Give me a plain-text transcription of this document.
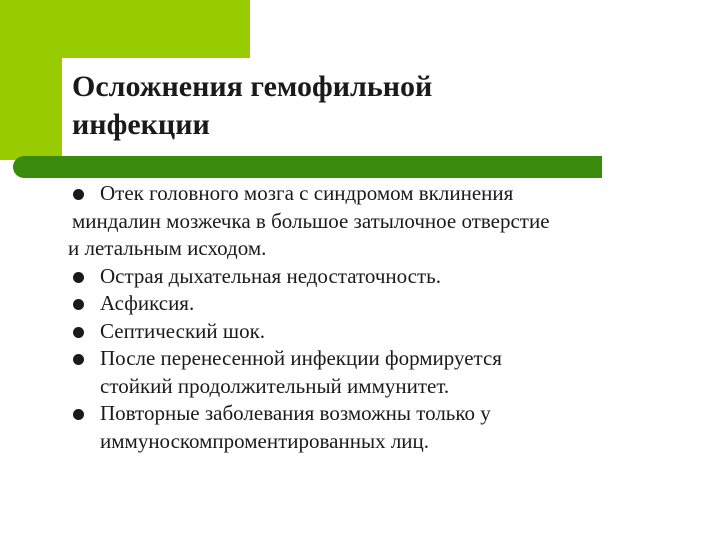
Осложнения гемофильной
инфекции
Отек головного мозга с синдромом вклинения
миндалин мозжечка в большое затылочное отверстие
и летальным исходом.
Острая дыхательная недостаточность.
Асфиксия.
Септический шок.
После перенесенной инфекции формируется
стойкий продолжительный иммунитет.
Повторные заболевания возможны только у
иммуноскомпроментированных лиц.
